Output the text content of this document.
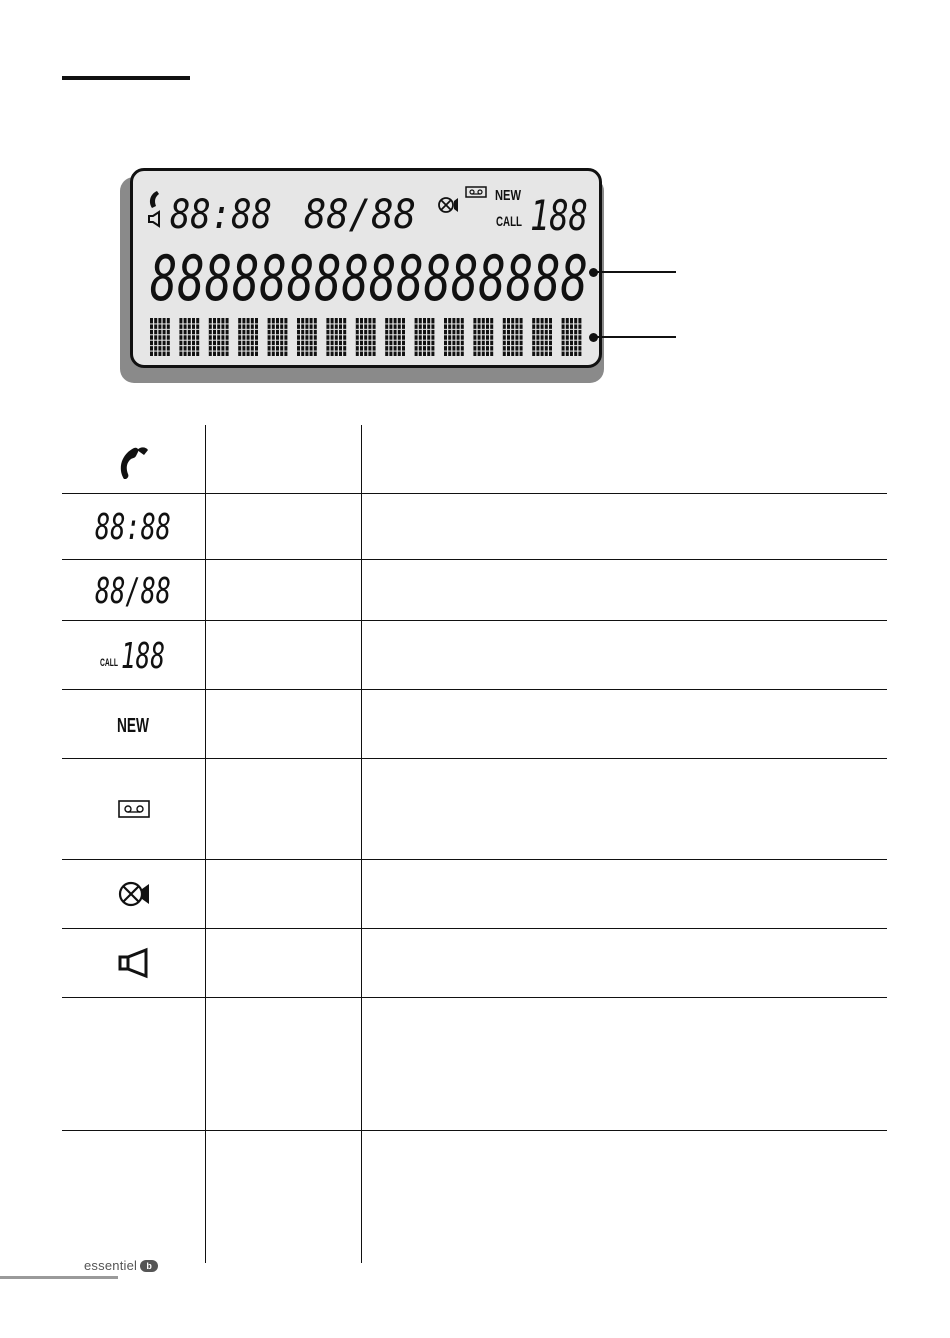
88:88 88/88	NEW
CALL 188
8888888888888888
88:88
88/88
CALL 188
NEW
essentiel	b
